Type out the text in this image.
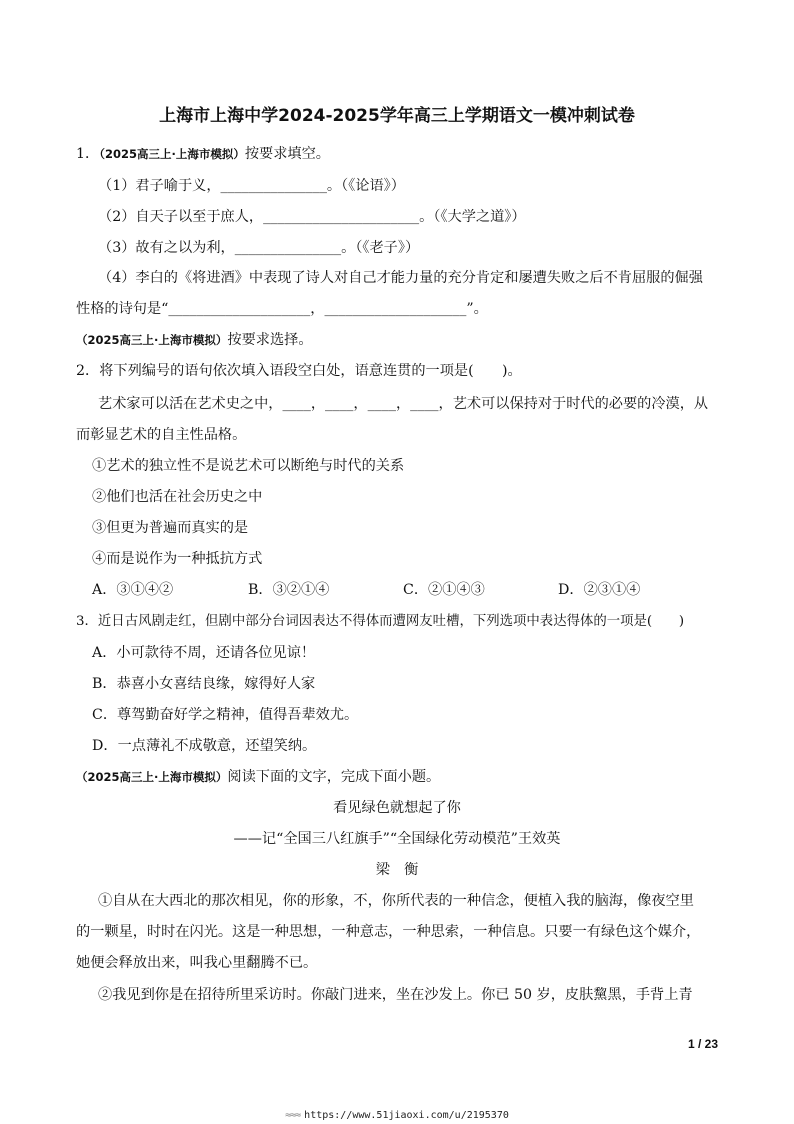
上海市上海中学2024-2025学年高三上学期语文一模冲刺试卷
1．（2025高三上·上海市模拟）按要求填空。
（1）君子喻于义，_______________。（《论语》）
（2）自天子以至于庶人，______________________。（《大学之道》）
（3）故有之以为利，_______________。（《老子》）
（4）李白的《将进酒》中表现了诗人对自己才能力量的充分肯定和屡遭失败之后不肯屈服的倔强
性格的诗句是“____________________，____________________”。
（2025高三上·上海市模拟）按要求选择。
2．将下列编号的语句依次填入语段空白处，语意连贯的一项是(　　)。
艺术家可以活在艺术史之中，____，____，____，____，艺术可以保持对于时代的必要的冷漠，从
而彰显艺术的自主性品格。
①艺术的独立性不是说艺术可以断绝与时代的关系
②他们也活在社会历史之中
③但更为普遍而真实的是
④而是说作为一种抵抗方式
A．③①④②	B．③②①④	C．②①④③	D．②③①④
3．近日古风剧走红，但剧中部分台词因表达不得体而遭网友吐槽，下列选项中表达得体的一项是(　　)
A．小可款待不周，还请各位见谅！
B．恭喜小女喜结良缘，嫁得好人家
C．尊驾勤奋好学之精神，值得吾辈效尤。
D．一点薄礼不成敬意，还望笑纳。
（2025高三上·上海市模拟）阅读下面的文字，完成下面小题。
看见绿色就想起了你
——记“全国三八红旗手”“全国绿化劳动模范”王效英
梁　衡
①自从在大西北的那次相见，你的形象，不，你所代表的一种信念，便植入我的脑海，像夜空里
的一颗星，时时在闪光。这是一种思想，一种意志，一种思索，一种信息。只要一有绿色这个媒介，
她便会释放出来，叫我心里翻腾不已。
②我见到你是在招待所里采访时。你敲门进来，坐在沙发上。你已 50 岁，皮肤黧黑，手背上青
1 / 23
≈≈≈ https://www.51jiaoxi.com/u/2195370
